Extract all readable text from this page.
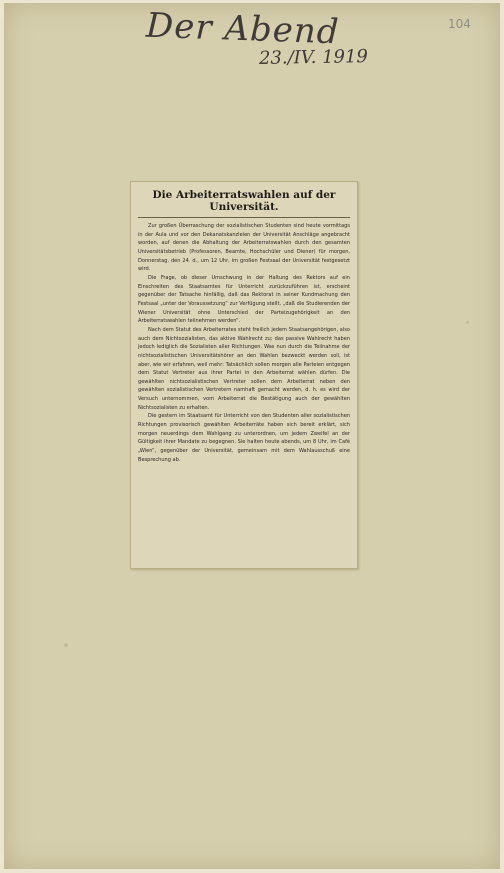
Der Abend
23./IV. 1919
104
Die Arbeiterratswahlen auf der Universität.

Zur großen Überraschung der sozialistischen Studenten sind heute vormittags in der Aula und vor den Dekanatskanzleien der Universität Anschläge angebracht worden, auf denen die Abhaltung der Arbeiterratswahlen durch den gesamten Universitätsbetrieb (Professoren, Beamte, Hochschüler und Diener) für morgen, Donnerstag, den 24. d., um 12 Uhr, im großen Festsaal der Universität festgesetzt wird.

Die Frage, ob dieser Umschwung in der Haltung des Rektors auf ein Einschreiten des Staatsamtes für Unterricht zurückzuführen ist, erscheint gegenüber der Tatsache hinfällig, daß das Rektorat in seiner Kundmachung den Festsaal „unter der Voraussetzung“ zur Verfügung stellt, „daß die Studierenden der Wiener Universität ohne Unterschied der Parteizugehörigkeit an den Arbeiterratswahlen teilnehmen werden“.

Nach dem Statut des Arbeiterrates steht freilich jedem Staatsangehörigen, also auch dem Nichtsozialisten, das aktive Wahlrecht zu; das passive Wahlrecht haben jedoch lediglich die Sozialisten aller Richtungen. Was nun durch die Teilnahme der nichtsozialistischen Universitätshörer an den Wahlen bezweckt werden soll, ist aber, wie wir erfahren, weil mehr: Tatsächlich sollen morgen alle Parteien entgegen dem Statut Vertreter aus ihrer Partei in den Arbeiterrat wählen dürfen. Die gewählten nichtsozialistischen Vertreter sollen dem Arbeiterrat neben den gewählten sozialistischen Vertretern namhaft gemacht werden, d. h. es wird der Versuch unternommen, vom Arbeiterrat die Bestätigung auch der gewählten Nichtsozialisten zu erhalten.

Die gestern im Staatsamt für Unterricht von den Studenten aller sozialistischen Richtungen provisorisch gewählten Arbeiterräte haben sich bereit erklärt, sich morgen neuerdings dem Wahlgang zu unterordnen, um jedem Zweifel an der Gültigkeit ihrer Mandate zu begegnen. Sie halten heute abends, um 8 Uhr, im Café „Wien“, gegenüber der Universität, gemeinsam mit dem Wahlausschuß eine Besprechung ab.
